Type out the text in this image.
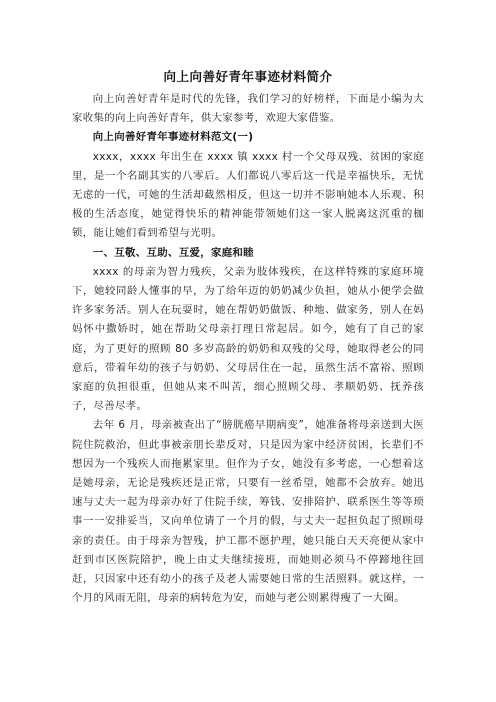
向上向善好青年事迹材料简介

向上向善好青年是时代的先锋，我们学习的好榜样，下面是小编为大家收集的向上向善好青年，供大家参考，欢迎大家借鉴。

向上向善好青年事迹材料范文(一)

xxxx，xxxx 年出生在 xxxx 镇 xxxx 村一个父母双残、贫困的家庭里，是一个名副其实的八零后。人们都说八零后这一代是幸福快乐，无忧无虑的一代，可她的生活却截然相反，但这一切并不影响她本人乐观、积极的生活态度，她觉得快乐的精神能带领她们这一家人脱离这沉重的枷锁，能让她们看到希望与光明。

一、互敬、互助、互爱，家庭和睦

xxxx 的母亲为智力残疾，父亲为肢体残疾，在这样特殊的家庭环境下，她较同龄人懂事的早，为了给年迈的奶奶减少负担，她从小便学会做许多家务活。别人在玩耍时，她在帮奶奶做饭、种地、做家务，别人在妈妈怀中撒娇时，她在帮助父母亲打理日常起居。如今，她有了自己的家庭，为了更好的照顾 80 多岁高龄的奶奶和双残的父母，她取得老公的同意后，带着年幼的孩子与奶奶、父母居住在一起，虽然生活不富裕、照顾家庭的负担很重，但她从来不叫苦，细心照顾父母、孝顺奶奶、抚养孩子，尽善尽孝。

去年 6 月，母亲被查出了“膀胱癌早期病变”，她准备将母亲送到大医院住院救治，但此事被亲朋长辈反对，只是因为家中经济贫困，长辈们不想因为一个残疾人而拖累家里。但作为子女，她没有多考虑，一心想着这是她母亲，无论是残疾还是正常，只要有一丝希望，她都不会放弃。她迅速与丈夫一起为母亲办好了住院手续，筹钱、安排陪护、联系医生等等琐事一一安排妥当，又向单位请了一个月的假，与丈夫一起担负起了照顾母亲的责任。由于母亲为智残，护工都不愿护理，她只能白天天亮便从家中赶到市区医院陪护，晚上由丈夫继续接班，而她则必须马不停蹄地往回赶，只因家中还有幼小的孩子及老人需要她日常的生活照料。就这样，一个月的风雨无阻，母亲的病转危为安，而她与老公则累得瘦了一大圈。
